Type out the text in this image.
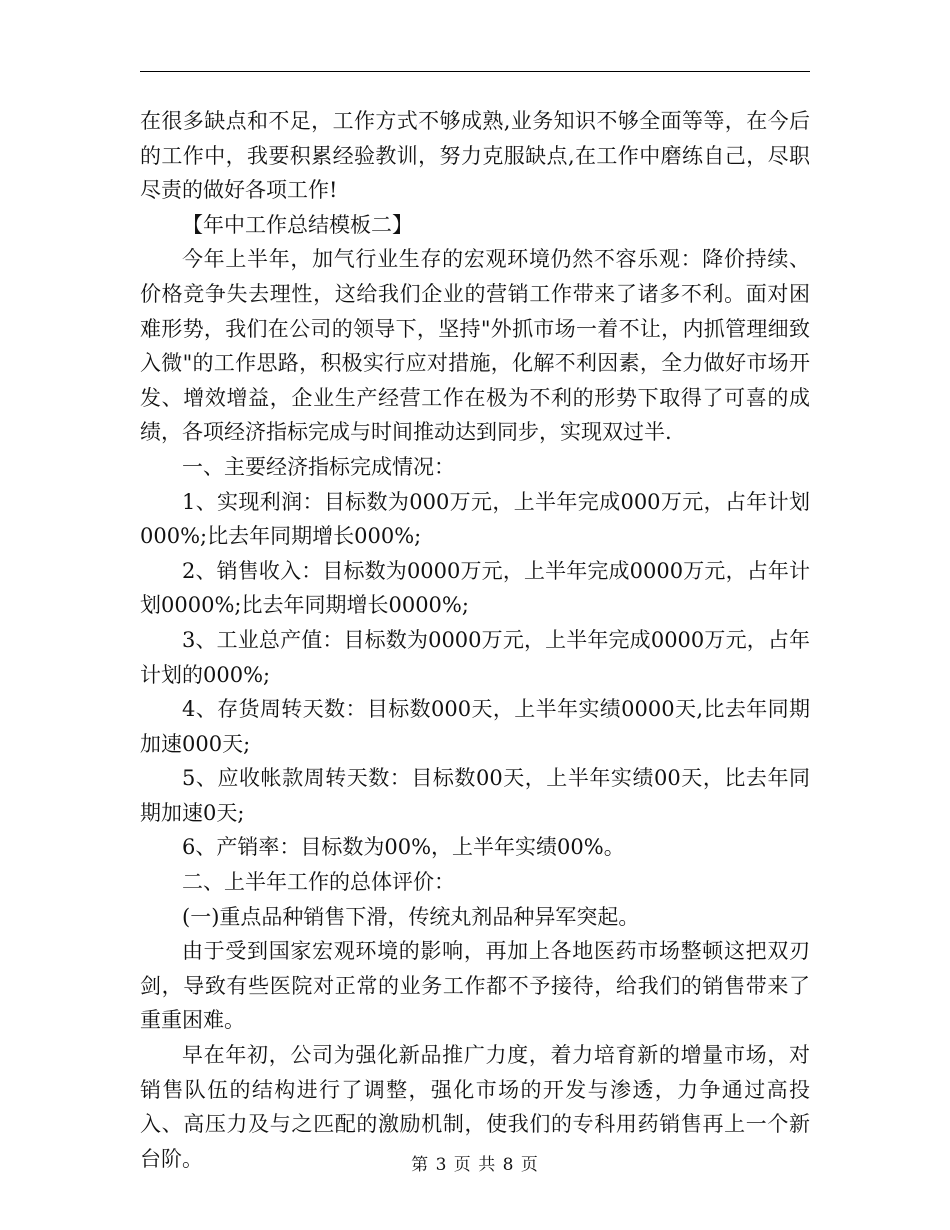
在很多缺点和不足，工作方式不够成熟,业务知识不够全面等等，在今后的工作中，我要积累经验教训，努力克服缺点,在工作中磨练自己，尽职尽责的做好各项工作!

【年中工作总结模板二】

今年上半年，加气行业生存的宏观环境仍然不容乐观：降价持续、价格竞争失去理性，这给我们企业的营销工作带来了诸多不利。面对困难形势，我们在公司的领导下，坚持"外抓市场一着不让，内抓管理细致入微"的工作思路，积极实行应对措施，化解不利因素，全力做好市场开发、增效增益，企业生产经营工作在极为不利的形势下取得了可喜的成绩，各项经济指标完成与时间推动达到同步，实现双过半.

一、主要经济指标完成情况：

1、实现利润：目标数为000万元，上半年完成000万元，占年计划000%;比去年同期增长000%;

2、销售收入：目标数为0000万元，上半年完成0000万元，占年计划0000%;比去年同期增长0000%;

3、工业总产值：目标数为0000万元，上半年完成0000万元，占年计划的000%;

4、存货周转天数：目标数000天，上半年实绩0000天,比去年同期加速000天;

5、应收帐款周转天数：目标数00天，上半年实绩00天，比去年同期加速0天;

6、产销率：目标数为00%，上半年实绩00%。

二、上半年工作的总体评价：

(一)重点品种销售下滑，传统丸剂品种异军突起。

由于受到国家宏观环境的影响，再加上各地医药市场整顿这把双刃剑，导致有些医院对正常的业务工作都不予接待，给我们的销售带来了重重困难。

早在年初，公司为强化新品推广力度，着力培育新的增量市场，对销售队伍的结构进行了调整，强化市场的开发与渗透，力争通过高投入、高压力及与之匹配的激励机制，使我们的专科用药销售再上一个新台阶。	第 3 页 共 8 页
